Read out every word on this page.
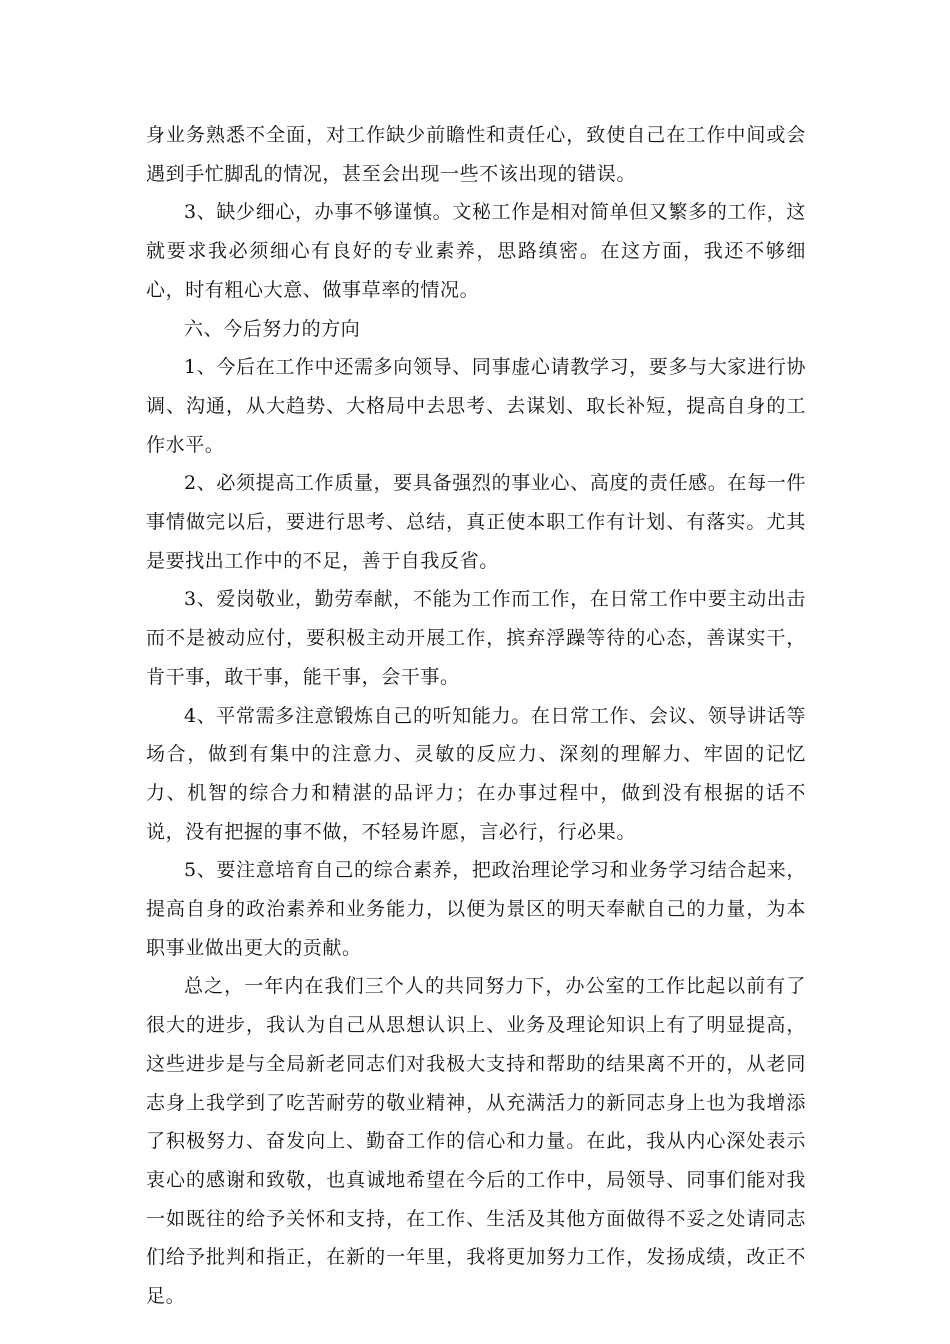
身业务熟悉不全面，对工作缺少前瞻性和责任心，致使自己在工作中间或会遇到手忙脚乱的情况，甚至会出现一些不该出现的错误。

3、缺少细心，办事不够谨慎。文秘工作是相对简单但又繁多的工作，这就要求我必须细心有良好的专业素养，思路缜密。在这方面，我还不够细心，时有粗心大意、做事草率的情况。

六、今后努力的方向

1、今后在工作中还需多向领导、同事虚心请教学习，要多与大家进行协调、沟通，从大趋势、大格局中去思考、去谋划、取长补短，提高自身的工作水平。

2、必须提高工作质量，要具备强烈的事业心、高度的责任感。在每一件事情做完以后，要进行思考、总结，真正使本职工作有计划、有落实。尤其是要找出工作中的不足，善于自我反省。

3、爱岗敬业，勤劳奉献，不能为工作而工作，在日常工作中要主动出击而不是被动应付，要积极主动开展工作，摈弃浮躁等待的心态，善谋实干，肯干事，敢干事，能干事，会干事。

4、平常需多注意锻炼自己的听知能力。在日常工作、会议、领导讲话等场合，做到有集中的注意力、灵敏的反应力、深刻的理解力、牢固的记忆力、机智的综合力和精湛的品评力；在办事过程中，做到没有根据的话不说，没有把握的事不做，不轻易许愿，言必行，行必果。

5、要注意培育自己的综合素养，把政治理论学习和业务学习结合起来，提高自身的政治素养和业务能力，以便为景区的明天奉献自己的力量，为本职事业做出更大的贡献。

总之，一年内在我们三个人的共同努力下，办公室的工作比起以前有了很大的进步，我认为自己从思想认识上、业务及理论知识上有了明显提高，这些进步是与全局新老同志们对我极大支持和帮助的结果离不开的，从老同志身上我学到了吃苦耐劳的敬业精神，从充满活力的新同志身上也为我增添了积极努力、奋发向上、勤奋工作的信心和力量。在此，我从内心深处表示衷心的感谢和致敬，也真诚地希望在今后的工作中，局领导、同事们能对我一如既往的给予关怀和支持，在工作、生活及其他方面做得不妥之处请同志们给予批判和指正，在新的一年里，我将更加努力工作，发扬成绩，改正不足。
